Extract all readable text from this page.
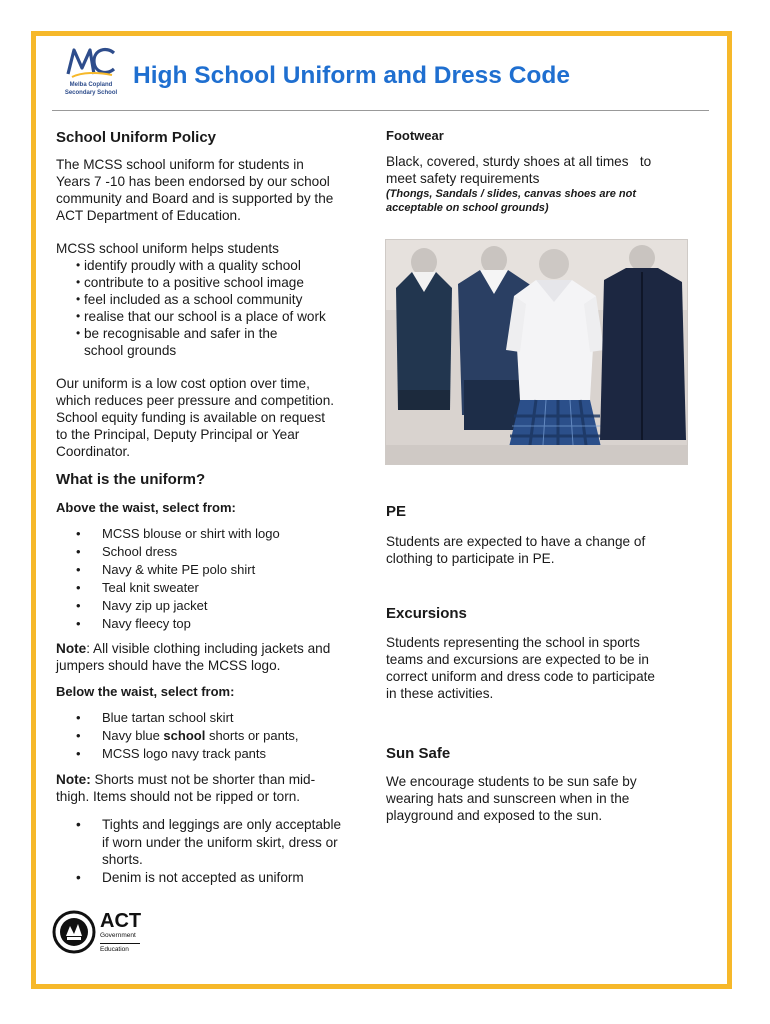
Melba Copland
Secondary School
High School Uniform and Dress Code
School Uniform Policy
The MCSS school uniform for students in
Years 7 -10 has been endorsed by our school
community and Board and is supported by the
ACT Department of Education.
MCSS school uniform helps students
• identify proudly with a quality school
• contribute to a positive school image
• feel included as a school community
• realise that our school is a place of work
• be recognisable and safer in the
school grounds
Our uniform is a low cost option over time,
which reduces peer pressure and competition.
School equity funding is available on request
to the Principal, Deputy Principal or Year
Coordinator.
What is the uniform?
Above the waist, select from:
• MCSS blouse or shirt with logo
• School dress
• Navy & white PE polo shirt
• Teal knit sweater
• Navy zip up jacket
• Navy fleecy top
Note: All visible clothing including jackets and
jumpers should have the MCSS logo.
Below the waist, select from:
• Blue tartan school skirt
• Navy blue school shorts or pants,
• MCSS logo navy track pants
Note: Shorts must not be shorter than mid-
thigh. Items should not be ripped or torn.
• Tights and leggings are only acceptable
if worn under the uniform skirt, dress or
shorts.
• Denim is not accepted as uniform
Footwear
Black, covered, sturdy shoes at all times   to
meet safety requirements
(Thongs, Sandals / slides, canvas shoes are not
acceptable on school grounds)
PE
Students are expected to have a change of
clothing to participate in PE.
Excursions
Students representing the school in sports
teams and excursions are expected to be in
correct uniform and dress code to participate
in these activities.
Sun Safe
We encourage students to be sun safe by
wearing hats and sunscreen when in the
playground and exposed to the sun.
ACT
Government
Education
